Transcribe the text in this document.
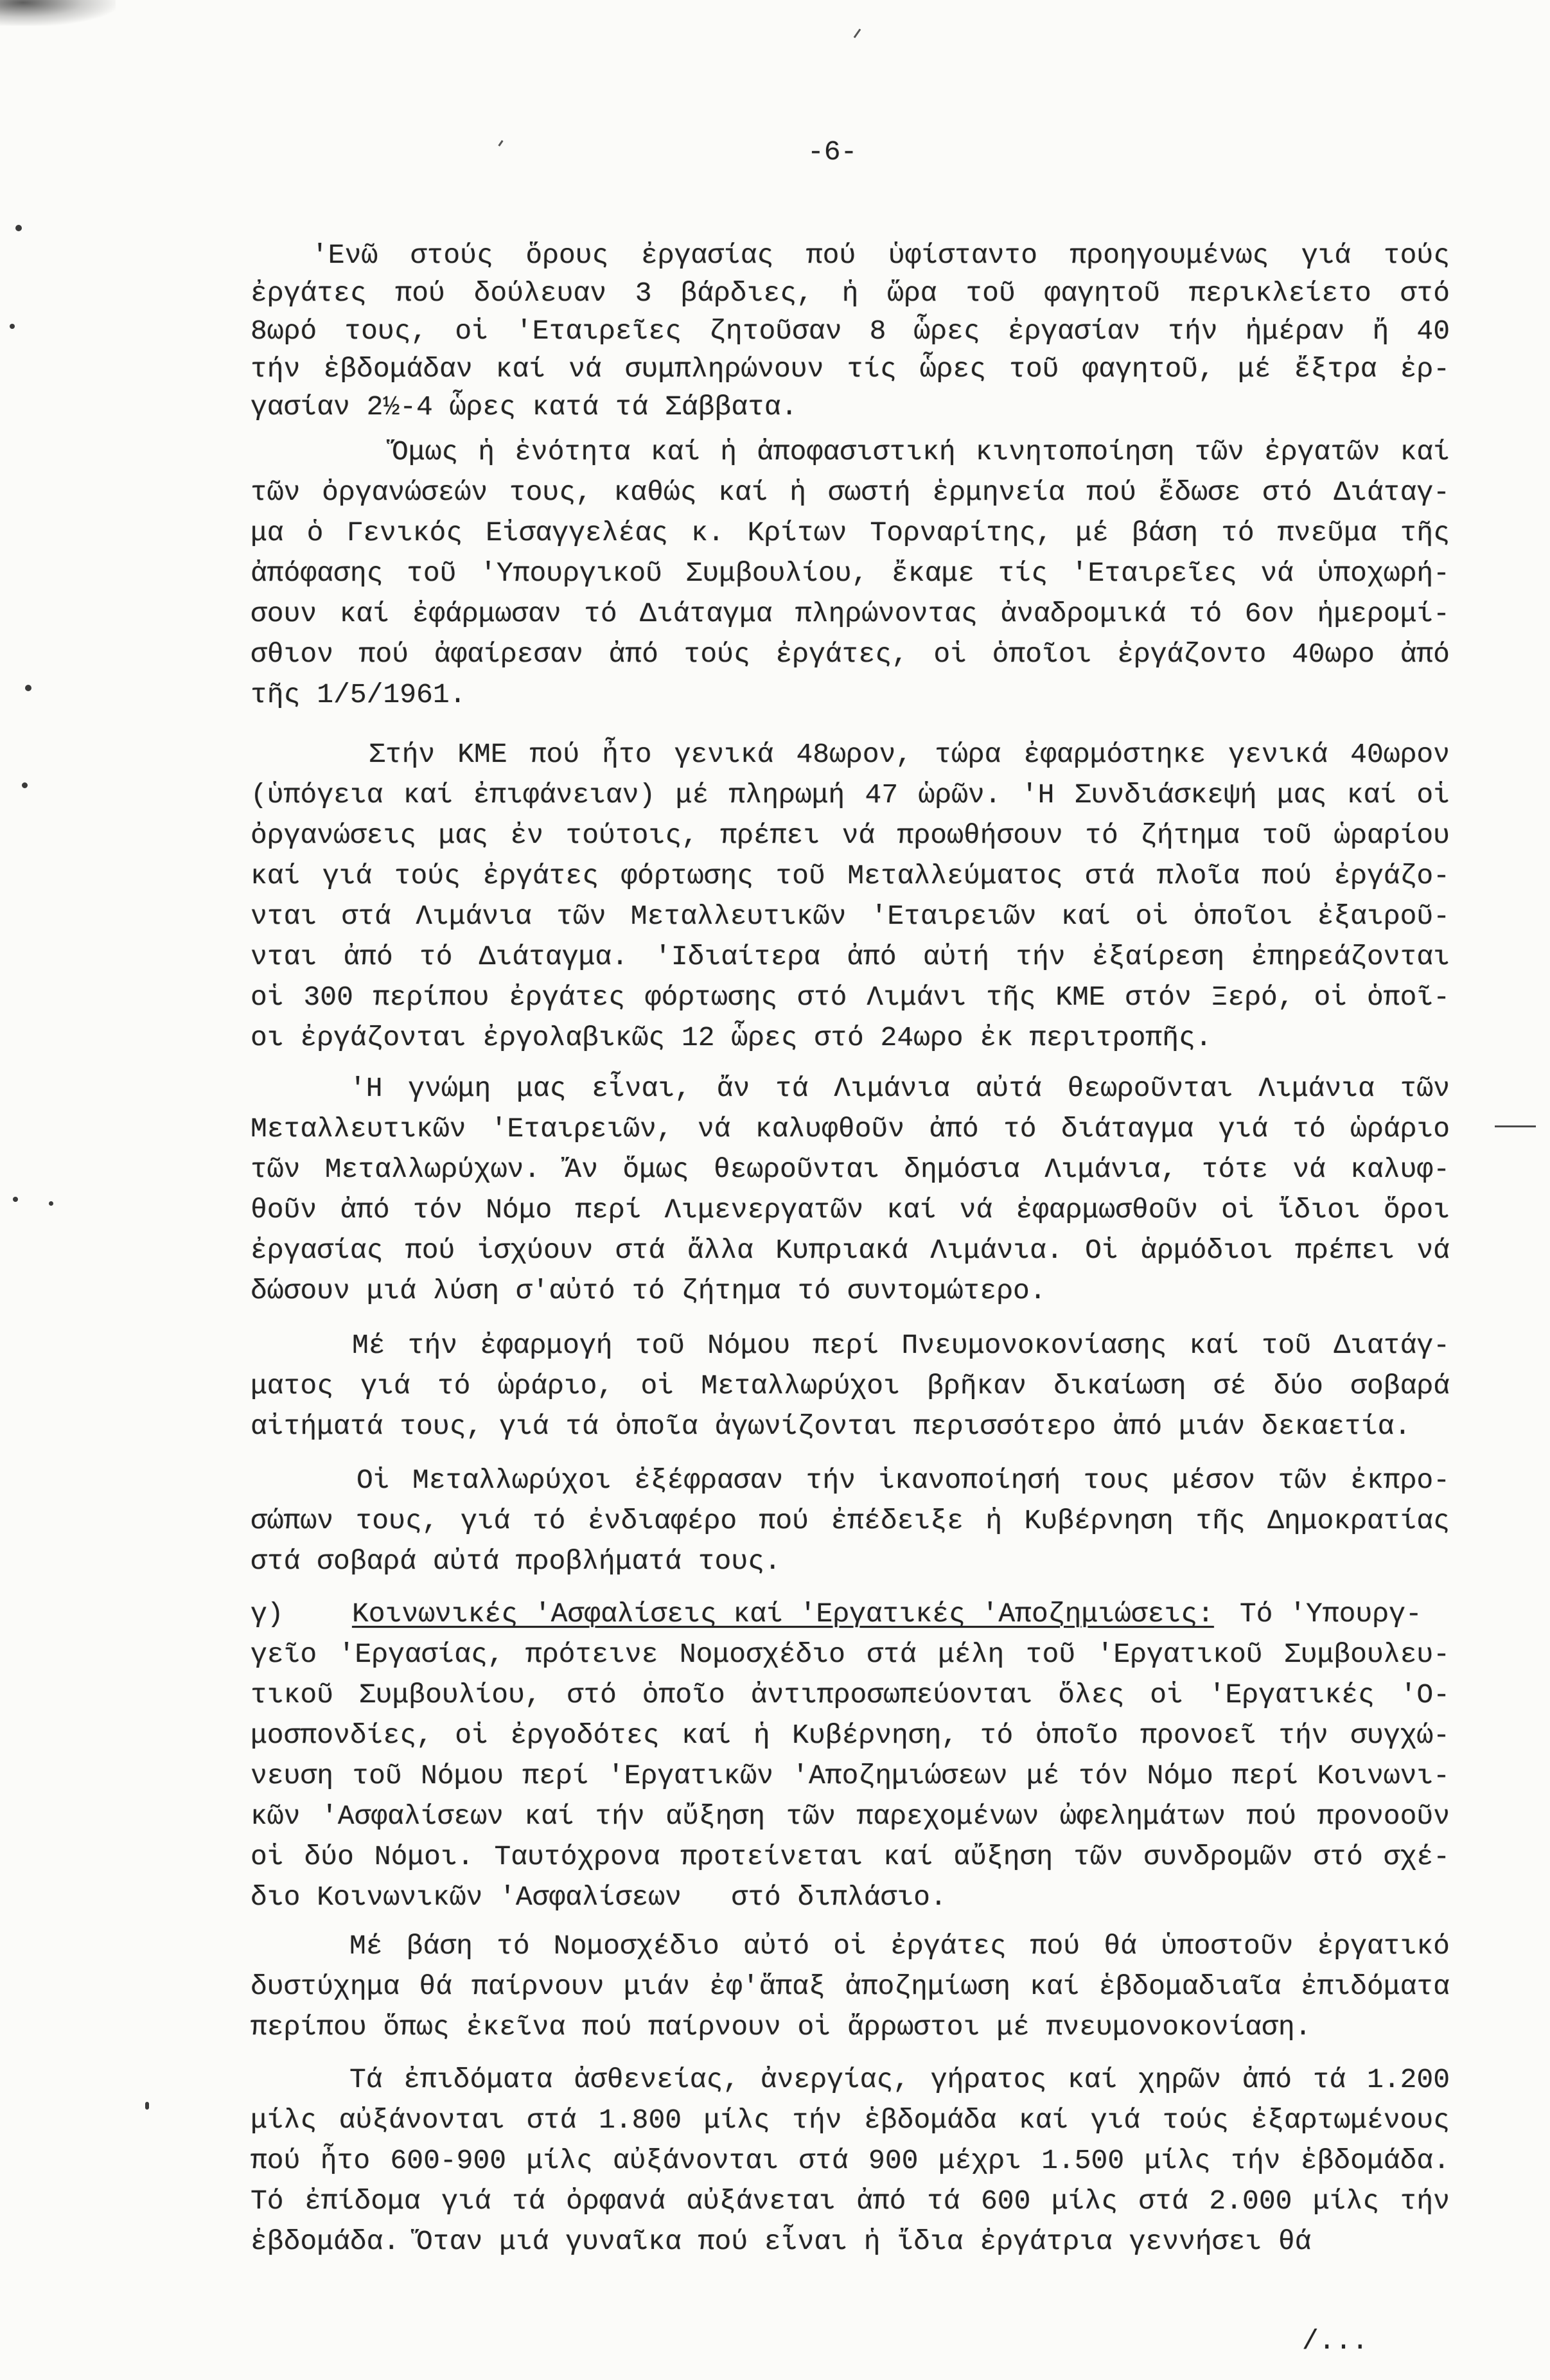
-6-
'Ενῶ στούς ὅρους ἐργασίας πού ὑφίσταντο προηγουμένως γιά τούς
ἐργάτες πού δούλευαν 3 βάρδιες, ἡ ὥρα τοῦ φαγητοῦ περικλείετο στό
8ωρό τους, οἱ 'Εταιρεῖες ζητοῦσαν 8 ὧρες ἐργασίαν τήν ἡμέραν ἤ 40
τήν ἑβδομάδαν καί νά συμπληρώνουν τίς ὧρες τοῦ φαγητοῦ, μέ ἔξτρα ἐρ-
γασίαν 2½-4 ὧρες κατά τά Σάββατα.
Ὅμως ἡ ἑνότητα καί ἡ ἀποφασιστική κινητοποίηση τῶν ἐργατῶν καί
τῶν ὀργανώσεών τους, καθώς καί ἡ σωστή ἑρμηνεία πού ἔδωσε στό Διάταγ-
μα ὁ Γενικός Εἰσαγγελέας κ. Κρίτων Τορναρίτης, μέ βάση τό πνεῦμα τῆς
ἀπόφασης τοῦ 'Υπουργικοῦ Συμβουλίου, ἔκαμε τίς 'Εταιρεῖες νά ὑποχωρή-
σουν καί ἐφάρμωσαν τό Διάταγμα πληρώνοντας ἀναδρομικά τό 6ον ἡμερομί-
σθιον πού ἀφαίρεσαν ἀπό τούς ἐργάτες, οἱ ὁποῖοι ἐργάζοντο 40ωρο ἀπό
τῆς 1/5/1961.
Στήν ΚΜΕ πού ἦτο γενικά 48ωρον, τώρα ἐφαρμόστηκε γενικά 40ωρον
(ὑπόγεια καί ἐπιφάνειαν) μέ πληρωμή 47 ὡρῶν. 'Η Συνδιάσκεψή μας καί οἱ
ὀργανώσεις μας ἐν τούτοις, πρέπει νά προωθήσουν τό ζήτημα τοῦ ὡραρίου
καί γιά τούς ἐργάτες φόρτωσης τοῦ Μεταλλεύματος στά πλοῖα πού ἐργάζο-
νται στά Λιμάνια τῶν Μεταλλευτικῶν 'Εταιρειῶν καί οἱ ὁποῖοι ἐξαιροῦ-
νται ἀπό τό Διάταγμα. 'Ιδιαίτερα ἀπό αὐτή τήν ἐξαίρεση ἐπηρεάζονται
οἱ 300 περίπου ἐργάτες φόρτωσης στό Λιμάνι τῆς ΚΜΕ στόν Ξερό, οἱ ὁποῖ-
οι ἐργάζονται ἐργολαβικῶς 12 ὧρες στό 24ωρο ἐκ περιτροπῆς.
'Η γνώμη μας εἶναι, ἄν τά Λιμάνια αὐτά θεωροῦνται Λιμάνια τῶν
Μεταλλευτικῶν 'Εταιρειῶν, νά καλυφθοῦν ἀπό τό διάταγμα γιά τό ὡράριο
τῶν Μεταλλωρύχων. Ἄν ὅμως θεωροῦνται δημόσια Λιμάνια, τότε νά καλυφ-
θοῦν ἀπό τόν Νόμο περί Λιμενεργατῶν καί νά ἐφαρμωσθοῦν οἱ ἴδιοι ὅροι
ἐργασίας πού ἰσχύουν στά ἄλλα Κυπριακά Λιμάνια. Οἱ ἁρμόδιοι πρέπει νά
δώσουν μιά λύση σ'αὐτό τό ζήτημα τό συντομώτερο.
Μέ τήν ἐφαρμογή τοῦ Νόμου περί Πνευμονοκονίασης καί τοῦ Διατάγ-
ματος γιά τό ὡράριο, οἱ Μεταλλωρύχοι βρῆκαν δικαίωση σέ δύο σοβαρά
αἰτήματά τους, γιά τά ὁποῖα ἀγωνίζονται περισσότερο ἀπό μιάν δεκαετία.
Οἱ Μεταλλωρύχοι ἐξέφρασαν τήν ἱκανοποίησή τους μέσον τῶν ἐκπρο-
σώπων τους, γιά τό ἐνδιαφέρο πού ἐπέδειξε ἡ Κυβέρνηση τῆς Δημοκρατίας
στά σοβαρά αὐτά προβλήματά τους.
γ)	Κοινωνικές 'Ασφαλίσεις καί 'Εργατικές 'Αποζημιώσεις: Τό 'Υπουργ-
γεῖο 'Εργασίας, πρότεινε Νομοσχέδιο στά μέλη τοῦ 'Εργατικοῦ Συμβουλευ-
τικοῦ Συμβουλίου, στό ὁποῖο ἀντιπροσωπεύονται ὅλες οἱ 'Εργατικές 'Ο-
μοσπονδίες, οἱ ἐργοδότες καί ἡ Κυβέρνηση, τό ὁποῖο προνοεῖ τήν συγχώ-
νευση τοῦ Νόμου περί 'Εργατικῶν 'Αποζημιώσεων μέ τόν Νόμο περί Κοινωνι-
κῶν 'Ασφαλίσεων καί τήν αὔξηση τῶν παρεχομένων ὠφελημάτων πού προνοοῦν
οἱ δύο Νόμοι. Ταυτόχρονα προτείνεται καί αὔξηση τῶν συνδρομῶν στό σχέ-
διο Κοινωνικῶν 'Ασφαλίσεων   στό διπλάσιο.
Μέ βάση τό Νομοσχέδιο αὐτό οἱ ἐργάτες πού θά ὑποστοῦν ἐργατικό
δυστύχημα θά παίρνουν μιάν ἐφ'ἅπαξ ἀποζημίωση καί ἑβδομαδιαῖα ἐπιδόματα
περίπου ὅπως ἐκεῖνα πού παίρνουν οἱ ἄρρωστοι μέ πνευμονοκονίαση.
Τά ἐπιδόματα ἀσθενείας, ἀνεργίας, γήρατος καί χηρῶν ἀπό τά 1.200
μίλς αὐξάνονται στά 1.800 μίλς τήν ἑβδομάδα καί γιά τούς ἐξαρτωμένους
πού ἦτο 600-900 μίλς αὐξάνονται στά 900 μέχρι 1.500 μίλς τήν ἑβδομάδα.
Τό ἐπίδομα γιά τά ὀρφανά αὐξάνεται ἀπό τά 600 μίλς στά 2.000 μίλς τήν
ἑβδομάδα. Ὅταν μιά γυναῖκα πού εἶναι ἡ ἴδια ἐργάτρια γεννήσει θά
/...
